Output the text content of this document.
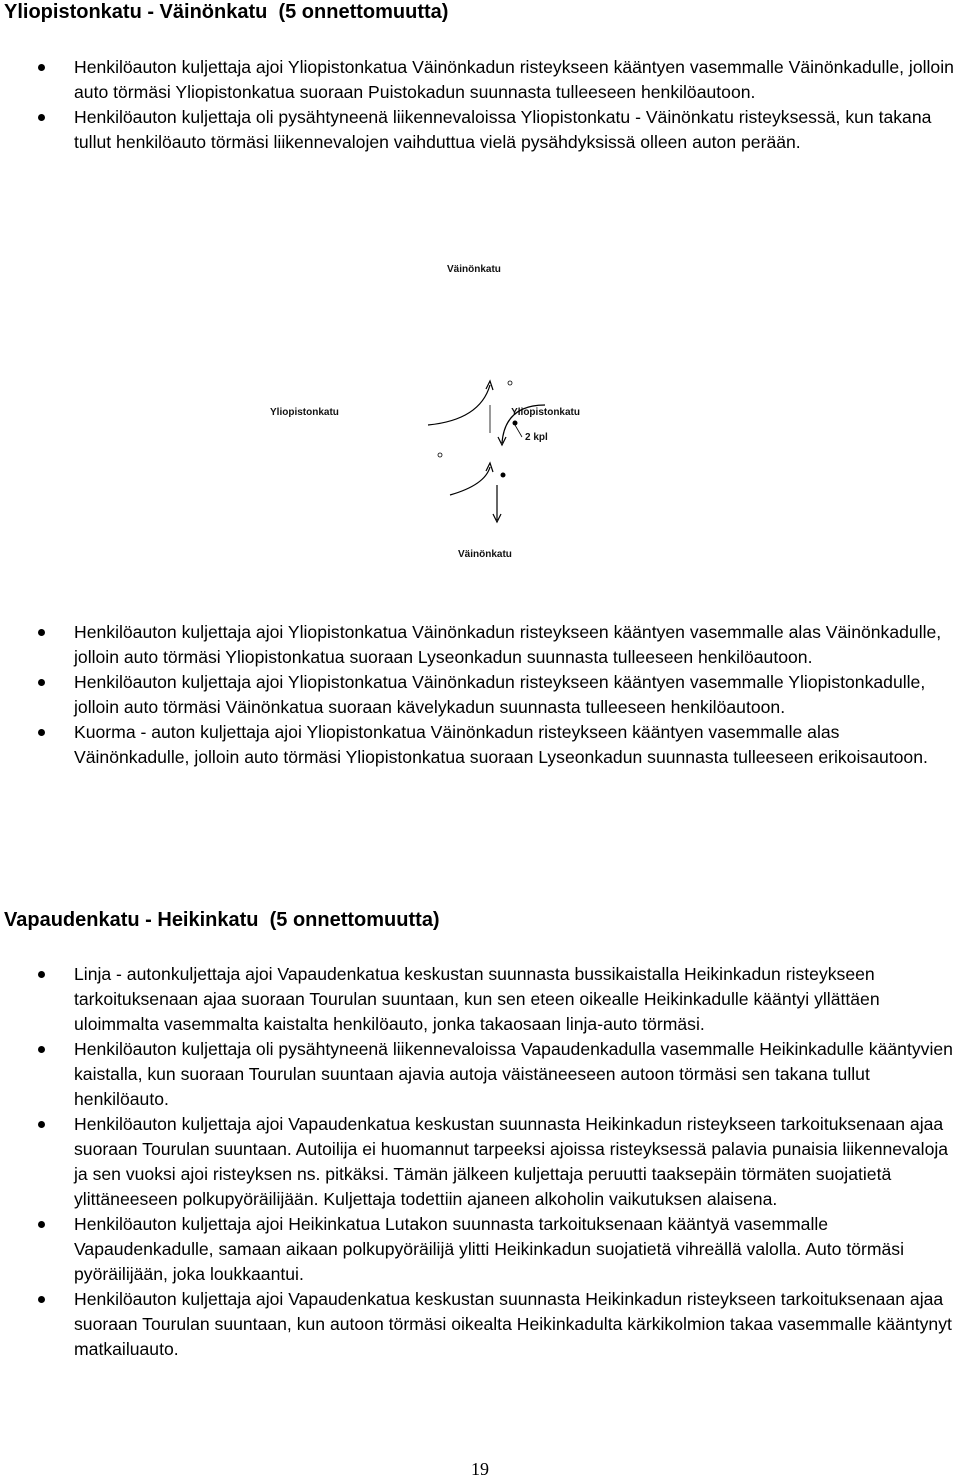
Yliopistonkatu - Väinönkatu  (5 onnettomuutta)
Henkilöauton kuljettaja ajoi Yliopistonkatua Väinönkadun risteykseen kääntyen vasemmalle Väinönkadulle, jolloin auto törmäsi Yliopistonkatua suoraan Puistokadun suunnasta tulleeseen henkilöautoon.
Henkilöauton kuljettaja oli pysähtyneenä liikennevaloissa Yliopistonkatu - Väinönkatu risteyksessä, kun takana tullut henkilöauto törmäsi liikennevalojen vaihduttua vielä pysähdyksissä olleen auton perään.
Väinönkatu
Yliopistonkatu	Yliopistonkatu
Väinönkatu
2 kpl
Henkilöauton kuljettaja ajoi Yliopistonkatua Väinönkadun risteykseen kääntyen vasemmalle alas Väinönkadulle, jolloin auto törmäsi Yliopistonkatua suoraan Lyseonkadun suunnasta tulleeseen henkilöautoon.
Henkilöauton kuljettaja ajoi Yliopistonkatua Väinönkadun risteykseen kääntyen vasemmalle Yliopistonkadulle, jolloin auto törmäsi Väinönkatua suoraan kävelykadun suunnasta tulleeseen henkilöautoon.
Kuorma - auton kuljettaja ajoi Yliopistonkatua Väinönkadun risteykseen kääntyen vasemmalle alas Väinönkadulle, jolloin auto törmäsi Yliopistonkatua suoraan Lyseonkadun suunnasta tulleeseen erikoisautoon.
Vapaudenkatu - Heikinkatu  (5 onnettomuutta)
Linja - autonkuljettaja ajoi Vapaudenkatua keskustan suunnasta bussikaistalla Heikinkadun risteykseen tarkoituksenaan ajaa suoraan Tourulan suuntaan, kun sen eteen oikealle Heikinkadulle kääntyi yllättäen uloimmalta vasemmalta kaistalta henkilöauto, jonka takaosaan linja-auto törmäsi.
Henkilöauton kuljettaja oli pysähtyneenä liikennevaloissa Vapaudenkadulla vasemmalle Heikinkadulle kääntyvien kaistalla, kun suoraan Tourulan suuntaan ajavia autoja väistäneeseen autoon törmäsi sen takana tullut henkilöauto.
Henkilöauton kuljettaja ajoi Vapaudenkatua keskustan suunnasta Heikinkadun risteykseen tarkoituksenaan ajaa suoraan Tourulan suuntaan. Autoilija ei huomannut tarpeeksi ajoissa risteyksessä palavia punaisia liikennevaloja ja sen vuoksi ajoi risteyksen ns. pitkäksi. Tämän jälkeen kuljettaja peruutti taaksepäin törmäten suojatietä ylittäneeseen polkupyöräilijään. Kuljettaja todettiin ajaneen alkoholin vaikutuksen alaisena.
Henkilöauton kuljettaja ajoi Heikinkatua Lutakon suunnasta tarkoituksenaan kääntyä vasemmalle Vapaudenkadulle, samaan aikaan polkupyöräilijä ylitti Heikinkadun suojatietä vihreällä valolla. Auto törmäsi pyöräilijään, joka loukkaantui.
Henkilöauton kuljettaja ajoi Vapaudenkatua keskustan suunnasta Heikinkadun risteykseen tarkoituksenaan ajaa suoraan Tourulan suuntaan, kun autoon törmäsi oikealta Heikinkadulta kärkikolmion takaa vasemmalle kääntynyt matkailuauto.
19
